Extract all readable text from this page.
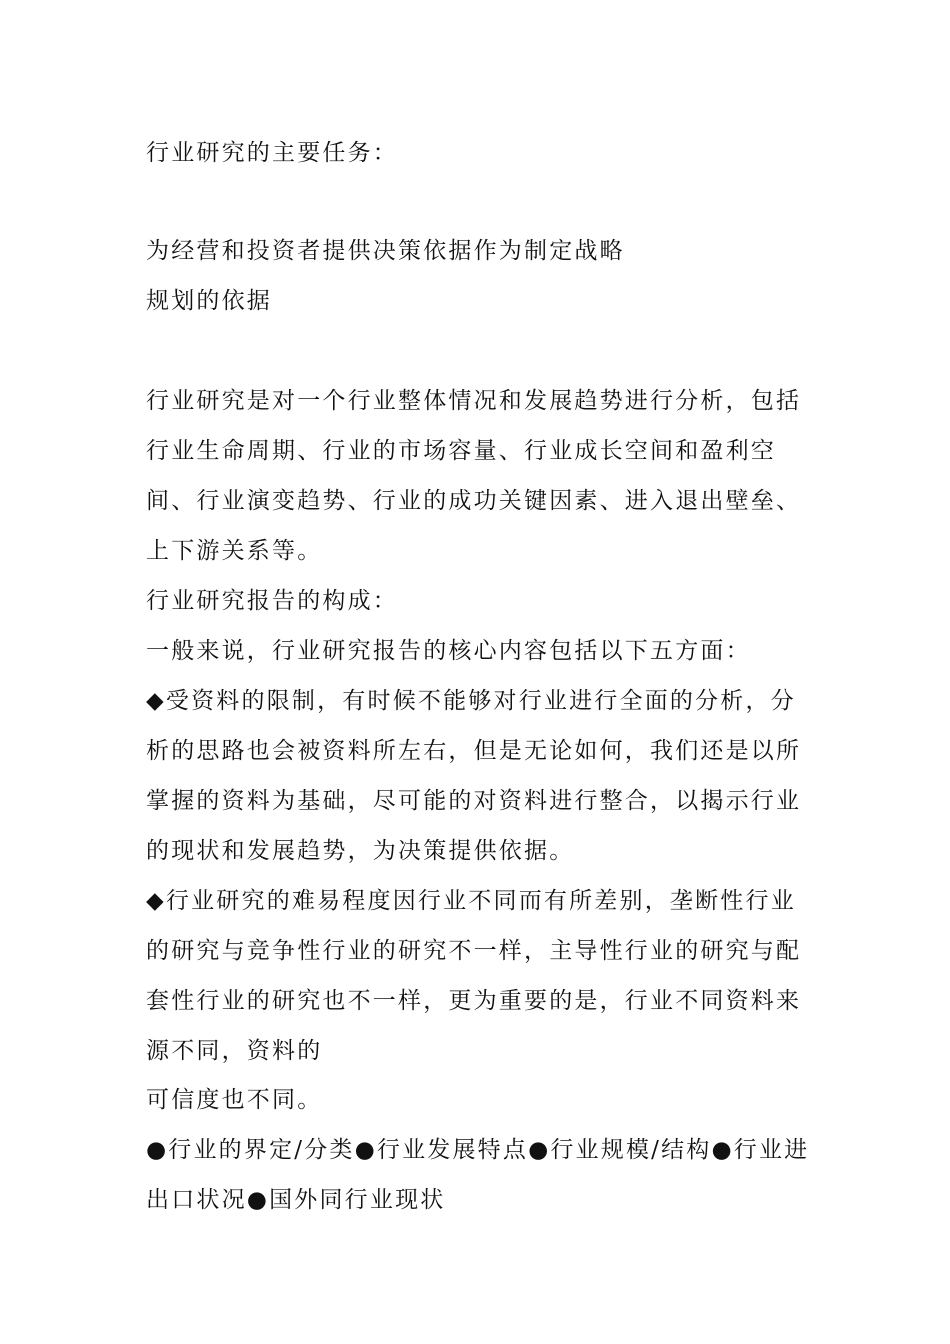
行业研究的主要任务：
为经营和投资者提供决策依据作为制定战略
规划的依据
行业研究是对一个行业整体情况和发展趋势进行分析，包括行业生命周期、行业的市场容量、行业成长空间和盈利空间、行业演变趋势、行业的成功关键因素、进入退出壁垒、上下游关系等。
行业研究报告的构成：
一般来说，行业研究报告的核心内容包括以下五方面：
◆受资料的限制，有时候不能够对行业进行全面的分析，分析的思路也会被资料所左右，但是无论如何，我们还是以所掌握的资料为基础，尽可能的对资料进行整合，以揭示行业的现状和发展趋势，为决策提供依据。
◆行业研究的难易程度因行业不同而有所差别，垄断性行业的研究与竞争性行业的研究不一样，主导性行业的研究与配套性行业的研究也不一样，更为重要的是，行业不同资料来源不同，资料的
可信度也不同。
●行业的界定/分类●行业发展特点●行业规模/结构●行业进出口状况●国外同行业现状
